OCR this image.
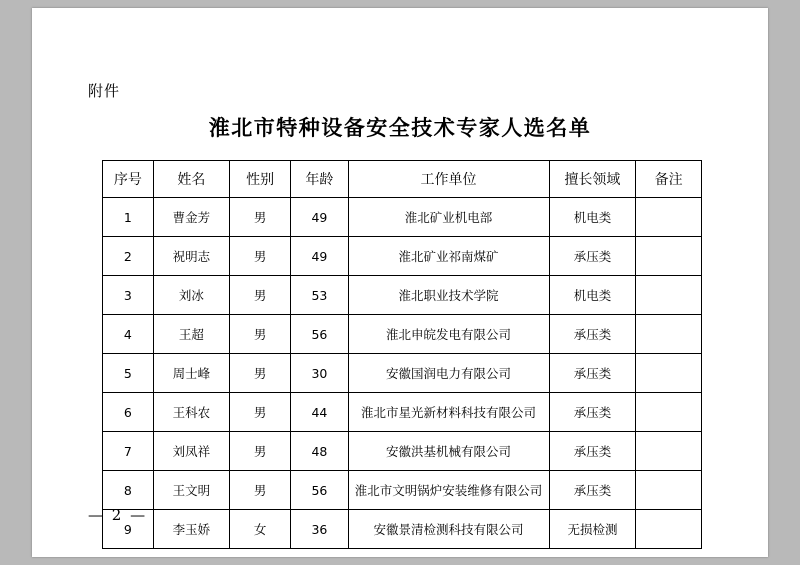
附件
淮北市特种设备安全技术专家人选名单
序号	姓名	性别	年龄	工作单位	擅长领域	备注
1	曹金芳	男	49	淮北矿业机电部	机电类	
2	祝明志	男	49	淮北矿业祁南煤矿	承压类	
3	刘冰	男	53	淮北职业技术学院	机电类	
4	王超	男	56	淮北申皖发电有限公司	承压类	
5	周士峰	男	30	安徽国润电力有限公司	承压类	
6	王科农	男	44	淮北市星光新材料科技有限公司	承压类	
7	刘凤祥	男	48	安徽洪基机械有限公司	承压类	
8	王文明	男	56	淮北市文明锅炉安装维修有限公司	承压类	
9	李玉娇	女	36	安徽景清检测科技有限公司	无损检测	
— 2 —
